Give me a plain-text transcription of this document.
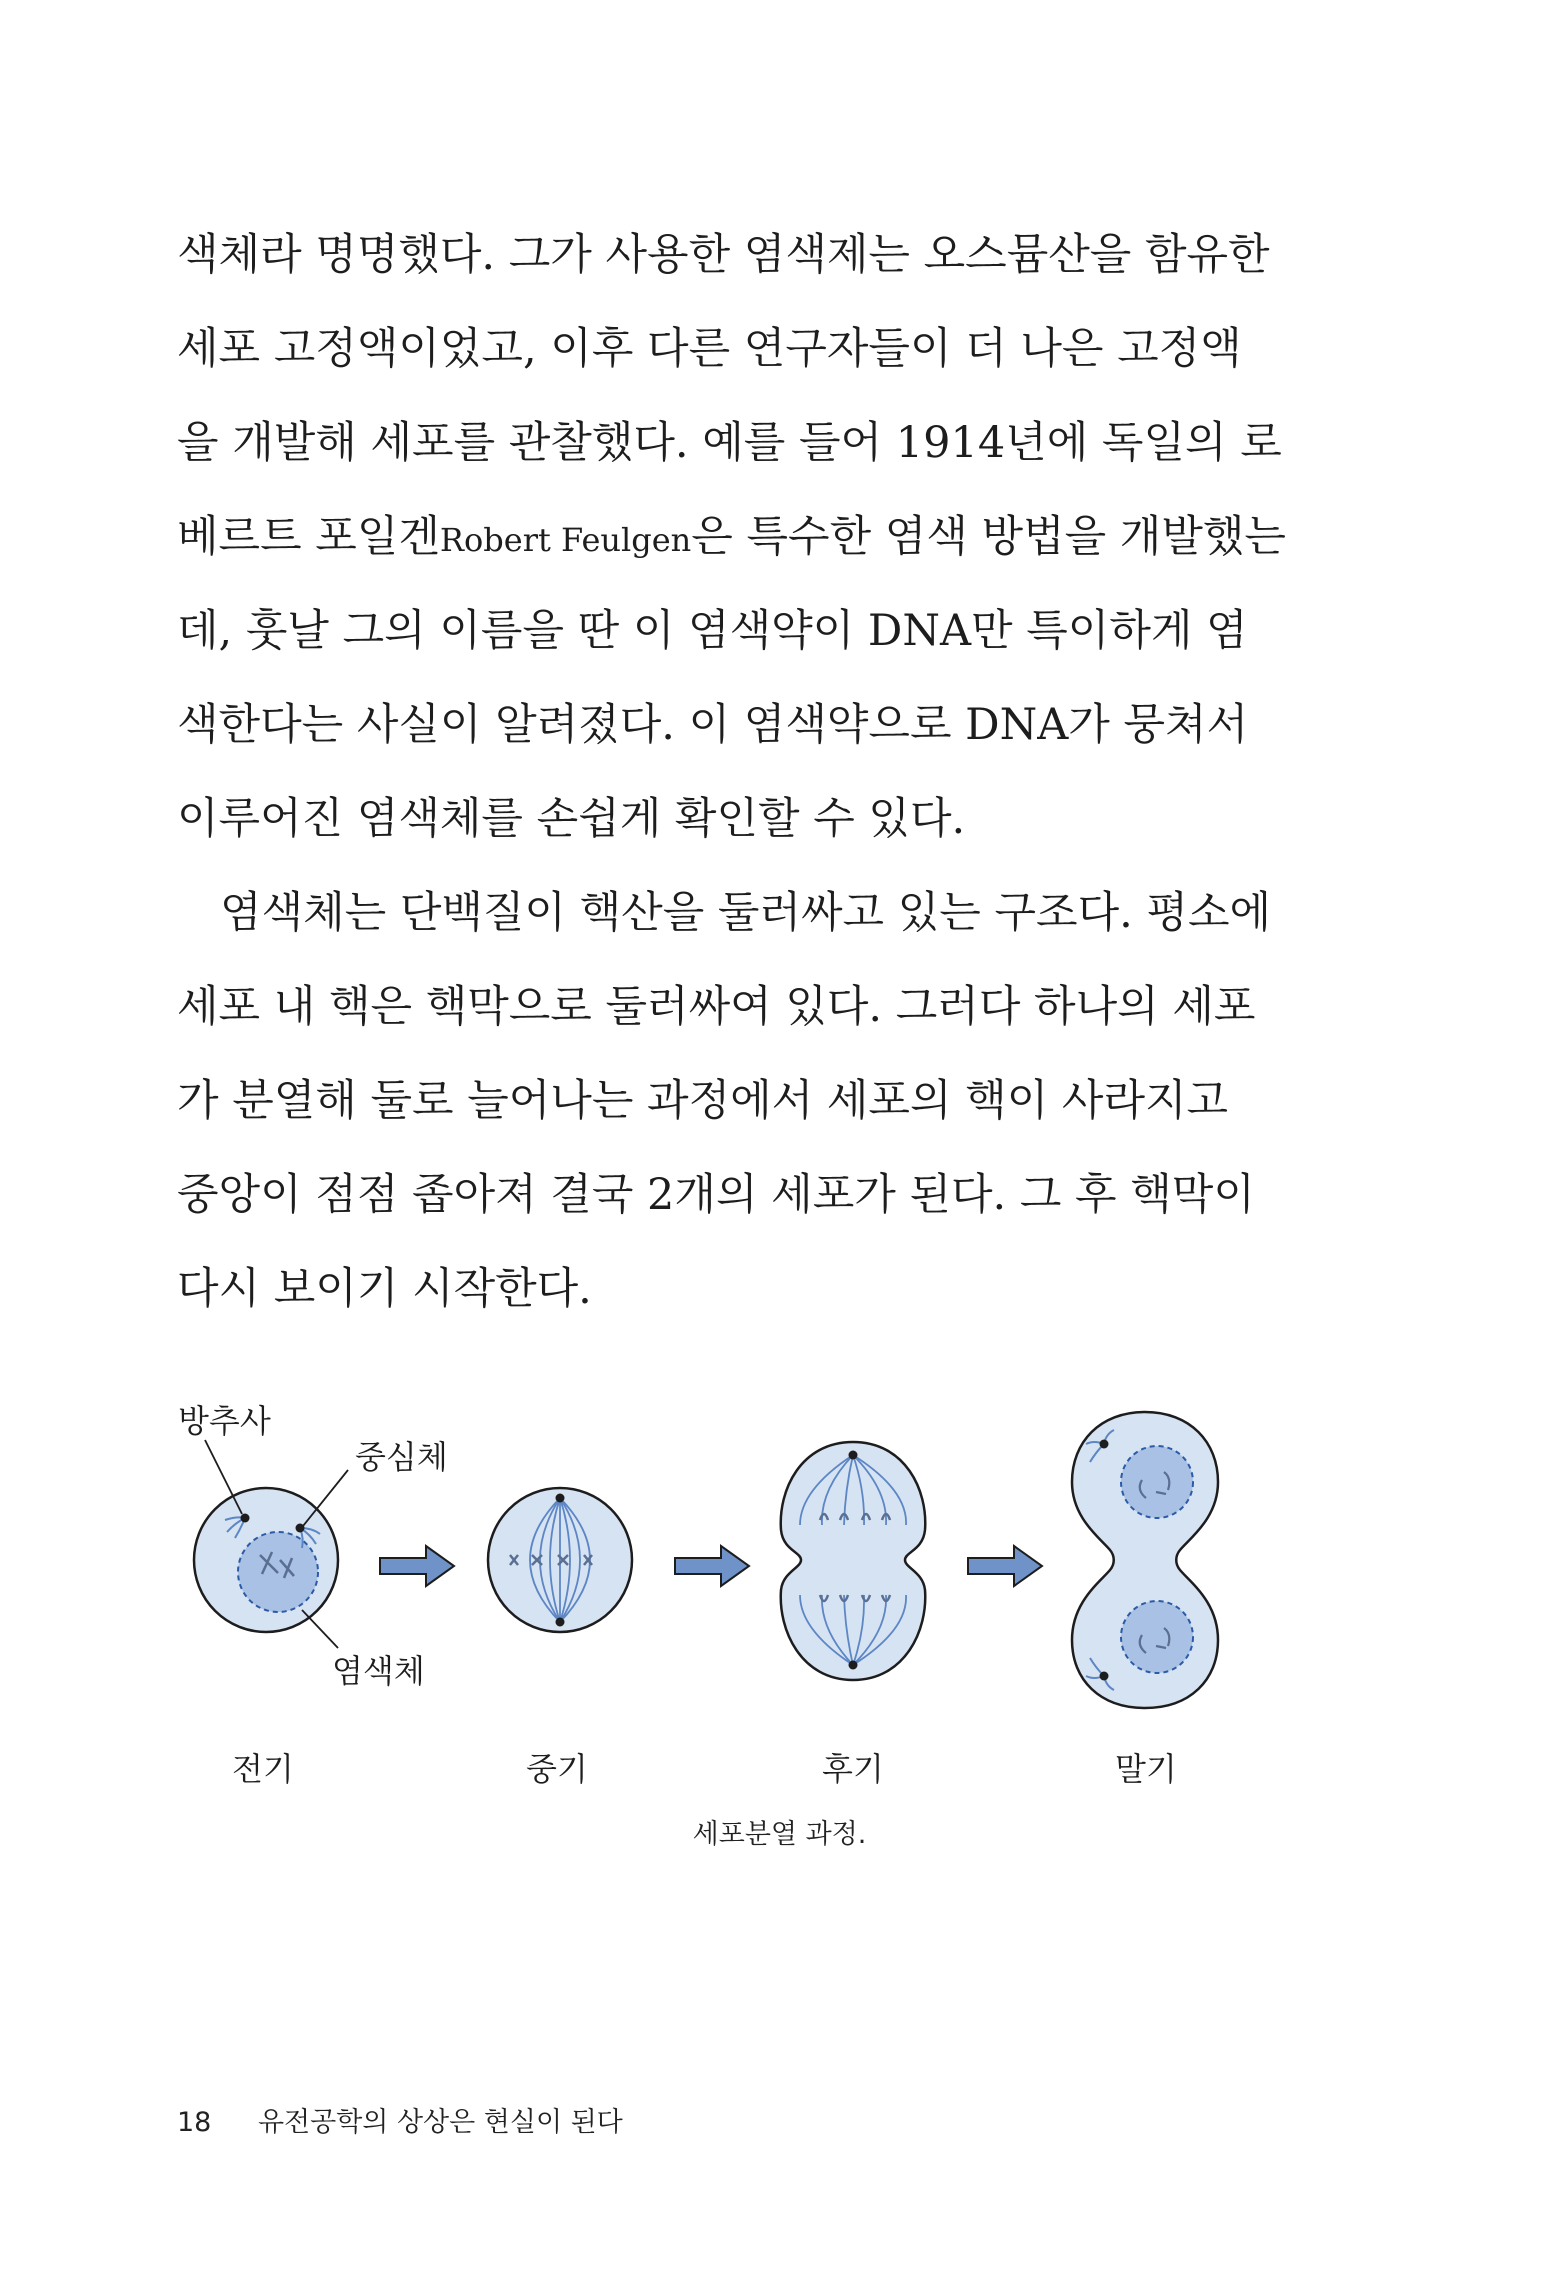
색체라 명명했다. 그가 사용한 염색제는 오스뮴산을 함유한
세포 고정액이었고, 이후 다른 연구자들이 더 나은 고정액
을 개발해 세포를 관찰했다. 예를 들어 1914년에 독일의 로
베르트 포일겐Robert Feulgen은 특수한 염색 방법을 개발했는
데, 훗날 그의 이름을 딴 이 염색약이 DNA만 특이하게 염
색한다는 사실이 알려졌다. 이 염색약으로 DNA가 뭉쳐서
이루어진 염색체를 손쉽게 확인할 수 있다.
염색체는 단백질이 핵산을 둘러싸고 있는 구조다. 평소에
세포 내 핵은 핵막으로 둘러싸여 있다. 그러다 하나의 세포
가 분열해 둘로 늘어나는 과정에서 세포의 핵이 사라지고
중앙이 점점 좁아져 결국 2개의 세포가 된다. 그 후 핵막이
다시 보이기 시작한다.
방추사
중심체
염색체
전기	중기	후기	말기
세포분열 과정.
18 유전공학의 상상은 현실이 된다
